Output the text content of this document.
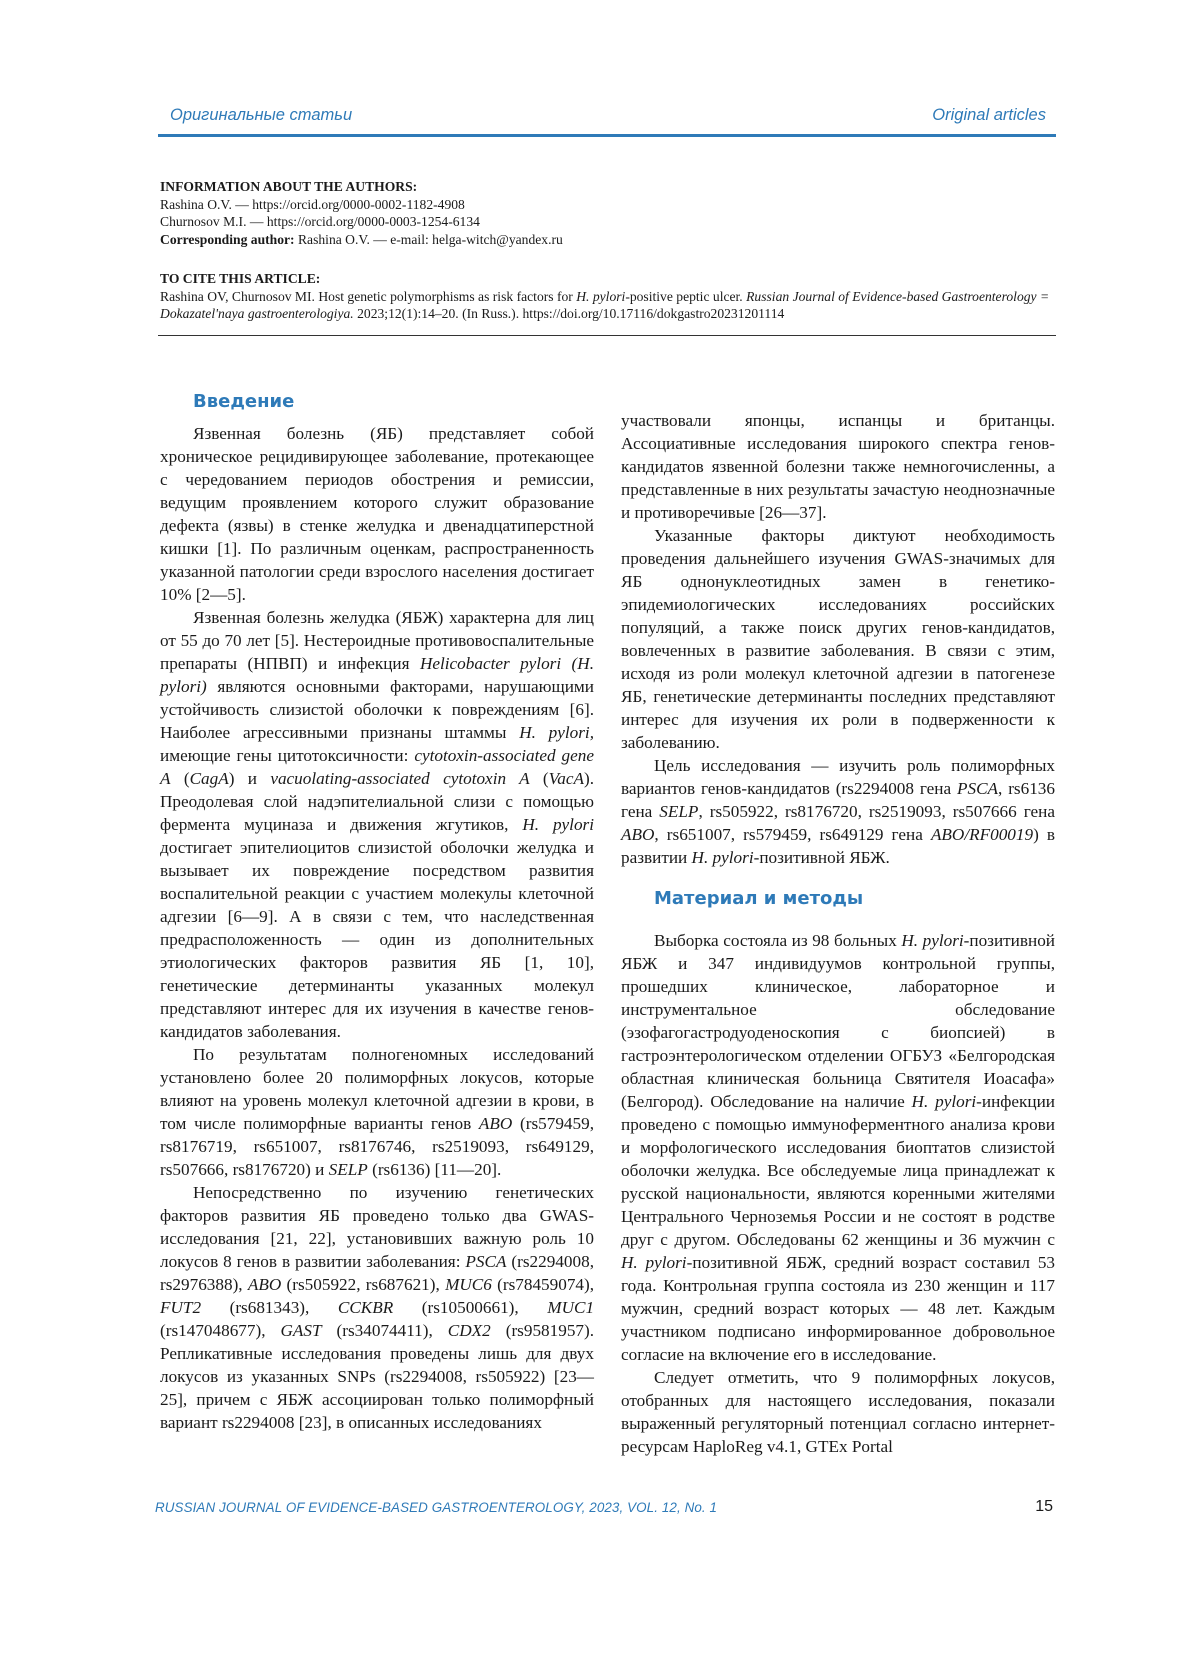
Оригинальные статьи	Original articles

INFORMATION ABOUT THE AUTHORS:

Rashina O.V. — https://orcid.org/0000-0002-1182-4908

Churnosov M.I. — https://orcid.org/0000-0003-1254-6134

Corresponding author: Rashina O.V. — e-mail: helga-witch@yandex.ru

TO CITE THIS ARTICLE:

Rashina OV, Churnosov MI. Host genetic polymorphisms as risk factors for H. pylori-positive peptic ulcer. Russian Journal of Evidence-based Gastroenterology = Dokazatel'naya gastroenterologiya. 2023;12(1):14–20. (In Russ.). https://doi.org/10.17116/dokgastro20231201114

Введение

Язвенная болезнь (ЯБ) представляет собой хроническое рецидивирующее заболевание, протекающее с чередованием периодов обострения и ремиссии, ведущим проявлением которого служит образование дефекта (язвы) в стенке желудка и двенадцатиперстной кишки [1]. По различным оценкам, распространенность указанной патологии среди взрослого населения достигает 10% [2—5].

Язвенная болезнь желудка (ЯБЖ) характерна для лиц от 55 до 70 лет [5]. Нестероидные противовоспалительные препараты (НПВП) и инфекция Helicobacter pylori (H. pylori) являются основными факторами, нарушающими устойчивость слизистой оболочки к повреждениям [6]. Наиболее агрессивными признаны штаммы H. pylori, имеющие гены цитотоксичности: cytotoxin-associated gene A (CagA) и vacuolating-associated cytotoxin A (VacA). Преодолевая слой надэпителиальной слизи с помощью фермента муциназа и движения жгутиков, H. pylori достигает эпителиоцитов слизистой оболочки желудка и вызывает их повреждение посредством развития воспалительной реакции с участием молекулы клеточной адгезии [6—9]. А в связи с тем, что наследственная предрасположенность — один из дополнительных этиологических факторов развития ЯБ [1, 10], генетические детерминанты указанных молекул представляют интерес для их изучения в качестве генов-кандидатов заболевания.

По результатам полногеномных исследований установлено более 20 полиморфных локусов, которые влияют на уровень молекул клеточной адгезии в крови, в том числе полиморфные варианты генов ABO (rs579459, rs8176719, rs651007, rs8176746, rs2519093, rs649129, rs507666, rs8176720) и SELP (rs6136) [11—20].

Непосредственно по изучению генетических факторов развития ЯБ проведено только два GWAS-исследования [21, 22], установивших важную роль 10 локусов 8 генов в развитии заболевания: PSCA (rs2294008, rs2976388), ABO (rs505922, rs687621), MUC6 (rs78459074), FUT2 (rs681343), CCKBR (rs10500661), MUC1 (rs147048677), GAST (rs34074411), CDX2 (rs9581957). Репликативные исследования проведены лишь для двух локусов из указанных SNPs (rs2294008, rs505922) [23—25], причем с ЯБЖ ассоциирован только полиморфный вариант rs2294008 [23], в описанных исследованиях

участвовали японцы, испанцы и британцы. Ассоциативные исследования широкого спектра генов-кандидатов язвенной болезни также немногочисленны, а представленные в них результаты зачастую неоднозначные и противоречивые [26—37].

Указанные факторы диктуют необходимость проведения дальнейшего изучения GWAS-значимых для ЯБ однонуклеотидных замен в генетико-эпидемиологических исследованиях российских популяций, а также поиск других генов-кандидатов, вовлеченных в развитие заболевания. В связи с этим, исходя из роли молекул клеточной адгезии в патогенезе ЯБ, генетические детерминанты последних представляют интерес для изучения их роли в подверженности к заболеванию.

Цель исследования — изучить роль полиморфных вариантов генов-кандидатов (rs2294008 гена PSCA, rs6136 гена SELP, rs505922, rs8176720, rs2519093, rs507666 гена ABO, rs651007, rs579459, rs649129 гена ABO/RF00019) в развитии H. pylori-позитивной ЯБЖ.

Материал и методы

Выборка состояла из 98 больных H. pylori-позитивной ЯБЖ и 347 индивидуумов контрольной группы, прошедших клиническое, лабораторное и инструментальное обследование (эзофагогастродуоденоскопия с биопсией) в гастроэнтерологическом отделении ОГБУЗ «Белгородская областная клиническая больница Святителя Иоасафа» (Белгород). Обследование на наличие H. pylori-инфекции проведено с помощью иммуноферментного анализа крови и морфологического исследования биоптатов слизистой оболочки желудка. Все обследуемые лица принадлежат к русской национальности, являются коренными жителями Центрального Черноземья России и не состоят в родстве друг с другом. Обследованы 62 женщины и 36 мужчин с H. pylori-позитивной ЯБЖ, средний возраст составил 53 года. Контрольная группа состояла из 230 женщин и 117 мужчин, средний возраст которых — 48 лет. Каждым участником подписано информированное добровольное согласие на включение его в исследование.

Следует отметить, что 9 полиморфных локусов, отобранных для настоящего исследования, показали выраженный регуляторный потенциал согласно интернет-ресурсам HaploReg v4.1, GTEx Portal

RUSSIAN JOURNAL OF EVIDENCE-BASED GASTROENTEROLOGY, 2023, VOL. 12, No. 1	15
